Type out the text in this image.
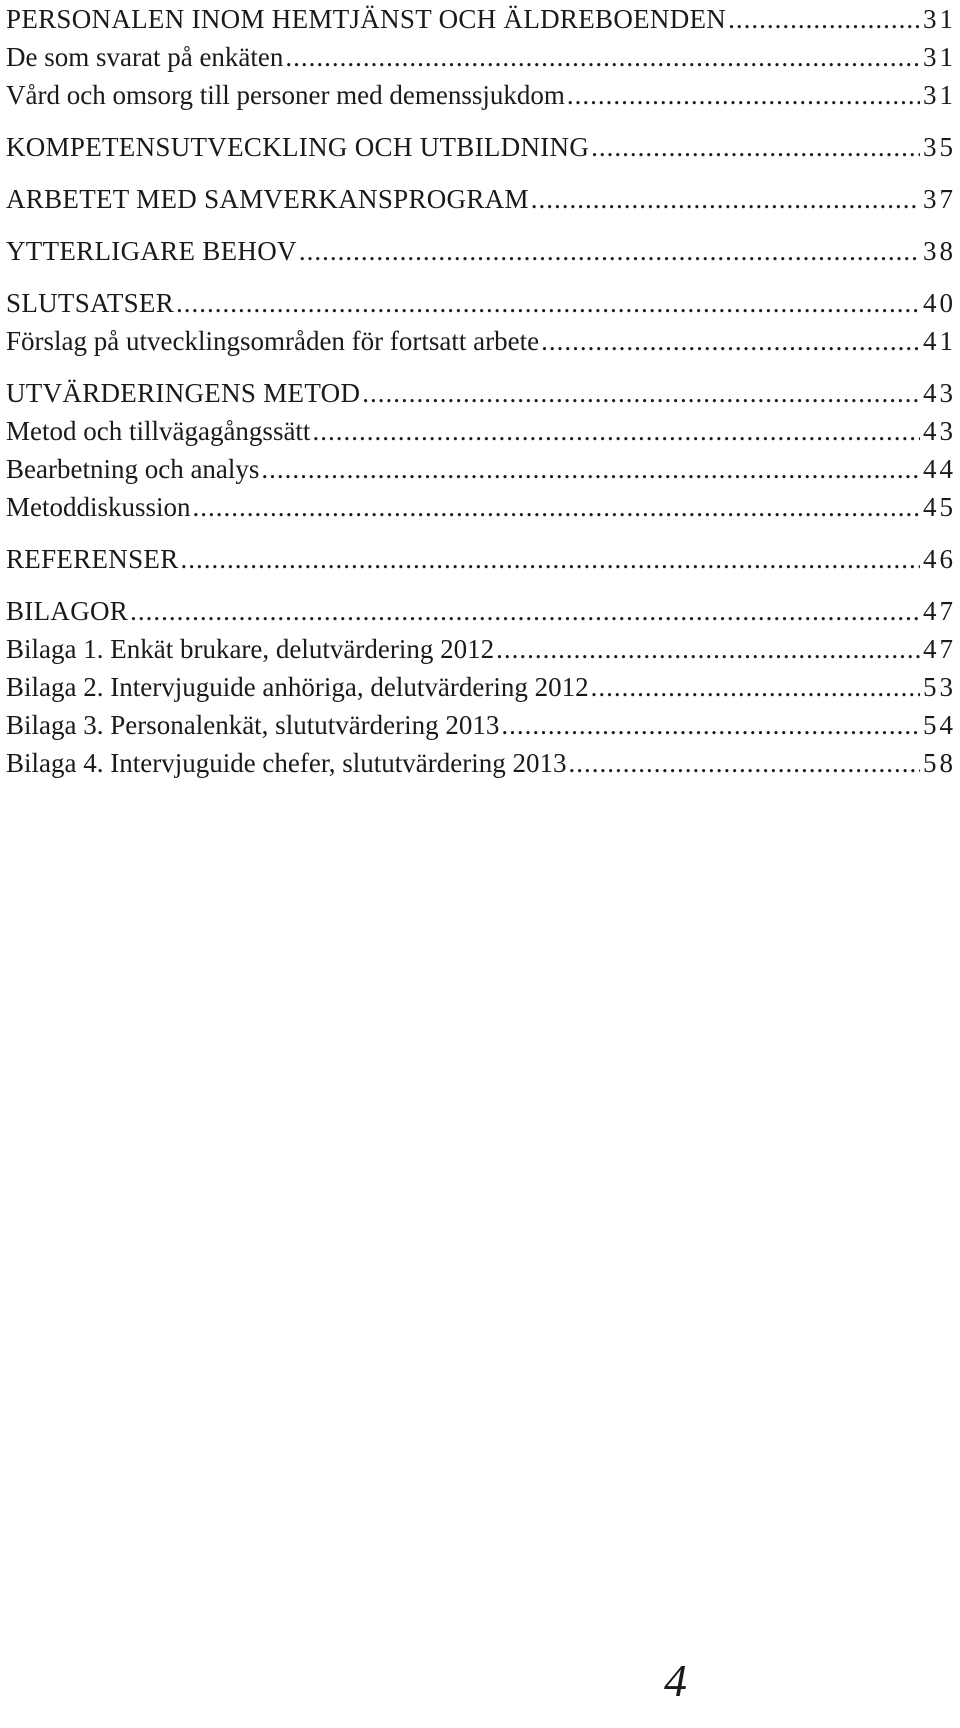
PERSONALEN INOM HEMTJÄNST OCH ÄLDREBOENDEN .....	31
De som svarat på enkäten .....	31
Vård och omsorg till personer med demenssjukdom .....	31
KOMPETENSUTVECKLING OCH UTBILDNING .....	35
ARBETET MED SAMVERKANSPROGRAM .....	37
YTTERLIGARE BEHOV .....	38
SLUTSATSER .....	40
Förslag på utvecklingsområden för fortsatt arbete .....	41
UTVÄRDERINGENS METOD .....	43
Metod och tillvägagångssätt .....	43
Bearbetning och analys .....	44
Metoddiskussion .....	45
REFERENSER .....	46
BILAGOR .....	47
Bilaga 1. Enkät brukare, delutvärdering 2012 .....	47
Bilaga 2. Intervjuguide anhöriga, delutvärdering 2012 .....	53
Bilaga 3. Personalenkät, slututvärdering 2013 .....	54
Bilaga 4. Intervjuguide chefer, slututvärdering 2013 .....	58
4
